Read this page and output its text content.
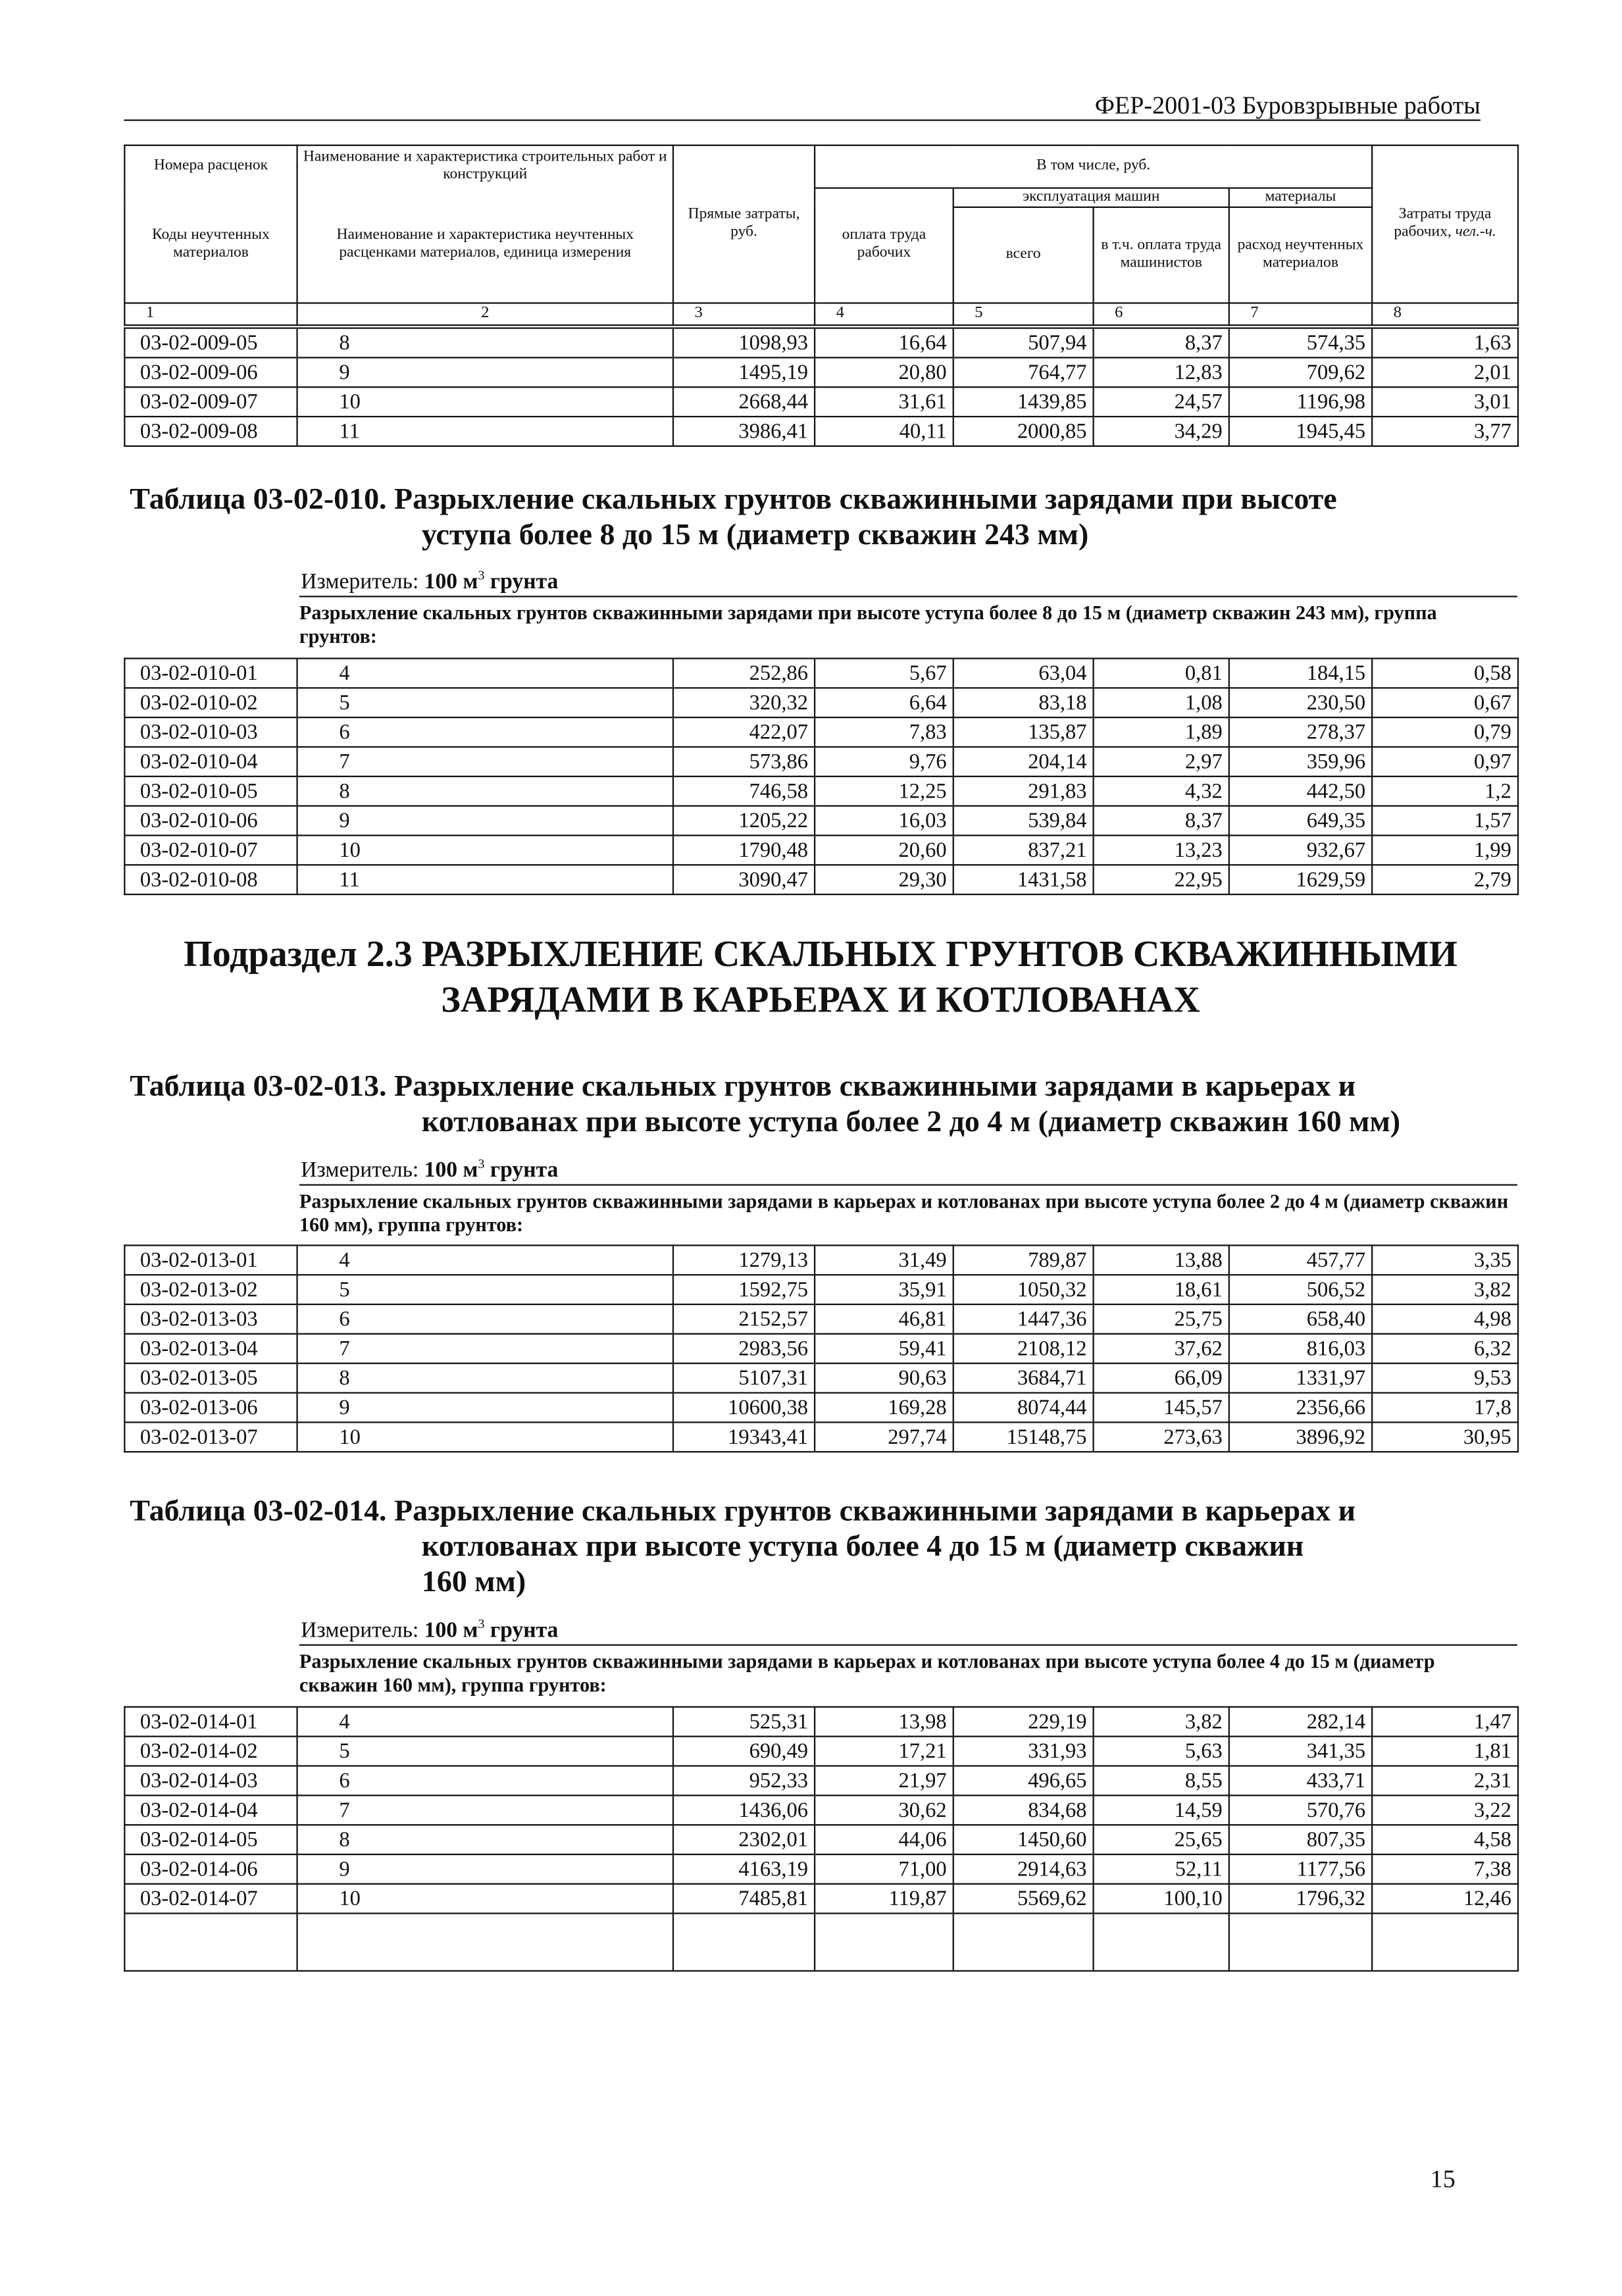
ФЕР-2001-03 Буровзрывные работы
Номера расценок	Наименование и характеристика строительных работ и конструкций	Прямые затраты, руб.	В том числе, руб.				Затраты труда рабочих, чел.-ч.
Коды неучтенных материалов	Наименование и характеристика неучтенных расценками материалов, единица измерения		оплата труда рабочих	эксплуатация машин		материалы	
				всего	в т.ч. оплата труда машинистов	расход неучтенных материалов	
1	2	3	4	5	6	7	8
03-02-009-05	8	1098,93	16,64	507,94	8,37	574,35	1,63
03-02-009-06	9	1495,19	20,80	764,77	12,83	709,62	2,01
03-02-009-07	10	2668,44	31,61	1439,85	24,57	1196,98	3,01
03-02-009-08	11	3986,41	40,11	2000,85	34,29	1945,45	3,77
Таблица 03-02-010. Разрыхление скальных грунтов скважинными зарядами при высоте
уступа более 8 до 15 м (диаметр скважин 243 мм)
Измеритель: 100 $м^3$ грунта
Разрыхление скальных грунтов скважинными зарядами при высоте уступа более 8 до 15 м (диаметр скважин 243 мм), группа грунтов:
03-02-010-01	4	252,86	5,67	63,04	0,81	184,15	0,58
03-02-010-02	5	320,32	6,64	83,18	1,08	230,50	0,67
03-02-010-03	6	422,07	7,83	135,87	1,89	278,37	0,79
03-02-010-04	7	573,86	9,76	204,14	2,97	359,96	0,97
03-02-010-05	8	746,58	12,25	291,83	4,32	442,50	1,2
03-02-010-06	9	1205,22	16,03	539,84	8,37	649,35	1,57
03-02-010-07	10	1790,48	20,60	837,21	13,23	932,67	1,99
03-02-010-08	11	3090,47	29,30	1431,58	22,95	1629,59	2,79
Подраздел 2.3 РАЗРЫХЛЕНИЕ СКАЛЬНЫХ ГРУНТОВ СКВАЖИННЫМИ
ЗАРЯДАМИ В КАРЬЕРАХ И КОТЛОВАНАХ
Таблица 03-02-013. Разрыхление скальных грунтов скважинными зарядами в карьерах и
котлованах при высоте уступа более 2 до 4 м (диаметр скважин 160 мм)
Измеритель: 100 $м^3$ грунта
Разрыхление скальных грунтов скважинными зарядами в карьерах и котлованах при высоте уступа более 2 до 4 м (диаметр скважин 160 мм), группа грунтов:
03-02-013-01	4	1279,13	31,49	789,87	13,88	457,77	3,35
03-02-013-02	5	1592,75	35,91	1050,32	18,61	506,52	3,82
03-02-013-03	6	2152,57	46,81	1447,36	25,75	658,40	4,98
03-02-013-04	7	2983,56	59,41	2108,12	37,62	816,03	6,32
03-02-013-05	8	5107,31	90,63	3684,71	66,09	1331,97	9,53
03-02-013-06	9	10600,38	169,28	8074,44	145,57	2356,66	17,8
03-02-013-07	10	19343,41	297,74	15148,75	273,63	3896,92	30,95
Таблица 03-02-014. Разрыхление скальных грунтов скважинными зарядами в карьерах и
котлованах при высоте уступа более 4 до 15 м (диаметр скважин
160 мм)
Измеритель: 100 $м^3$ грунта
Разрыхление скальных грунтов скважинными зарядами в карьерах и котлованах при высоте уступа более 4 до 15 м (диаметр скважин 160 мм), группа грунтов:
03-02-014-01	4	525,31	13,98	229,19	3,82	282,14	1,47
03-02-014-02	5	690,49	17,21	331,93	5,63	341,35	1,81
03-02-014-03	6	952,33	21,97	496,65	8,55	433,71	2,31
03-02-014-04	7	1436,06	30,62	834,68	14,59	570,76	3,22
03-02-014-05	8	2302,01	44,06	1450,60	25,65	807,35	4,58
03-02-014-06	9	4163,19	71,00	2914,63	52,11	1177,56	7,38
03-02-014-07	10	7485,81	119,87	5569,62	100,10	1796,32	12,46

15
